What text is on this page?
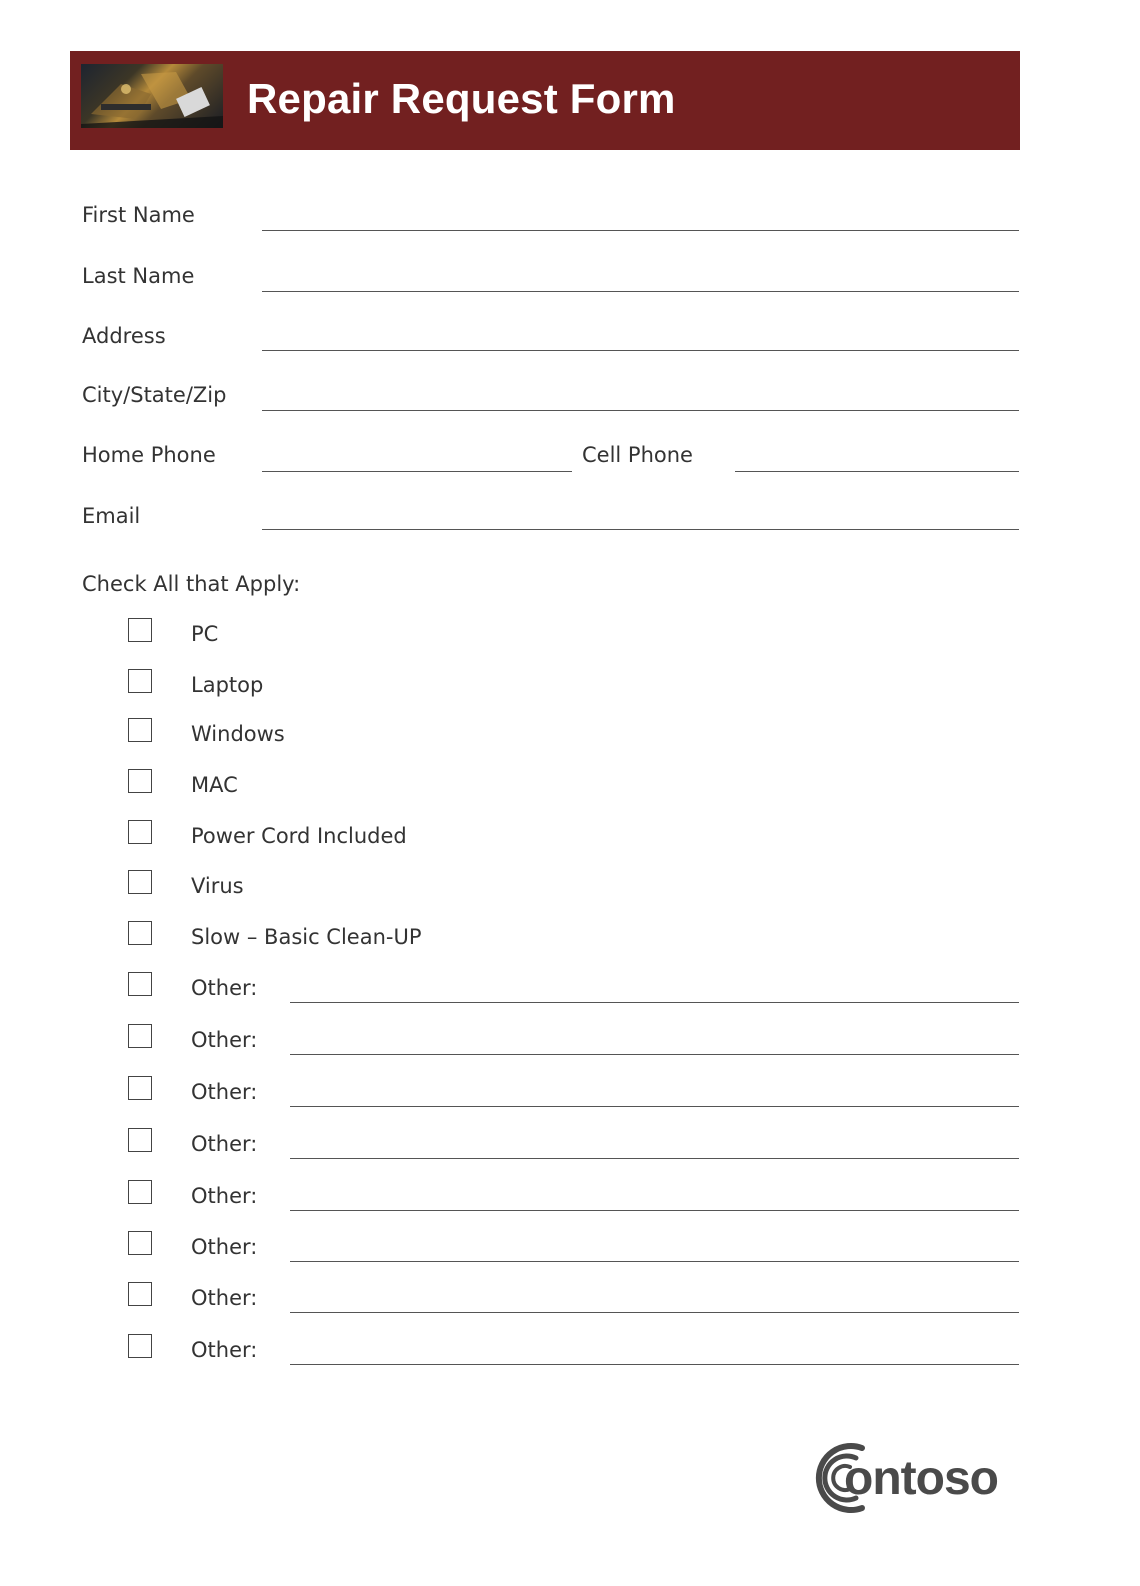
Repair Request Form
First Name
Last Name
Address
City/State/Zip
Home Phone	Cell Phone
Email
Check All that Apply:
PC
Laptop
Windows
MAC
Power Cord Included
Virus
Slow – Basic Clean-UP
Other:
Other:
Other:
Other:
Other:
Other:
Other:
Other:
ontoso
